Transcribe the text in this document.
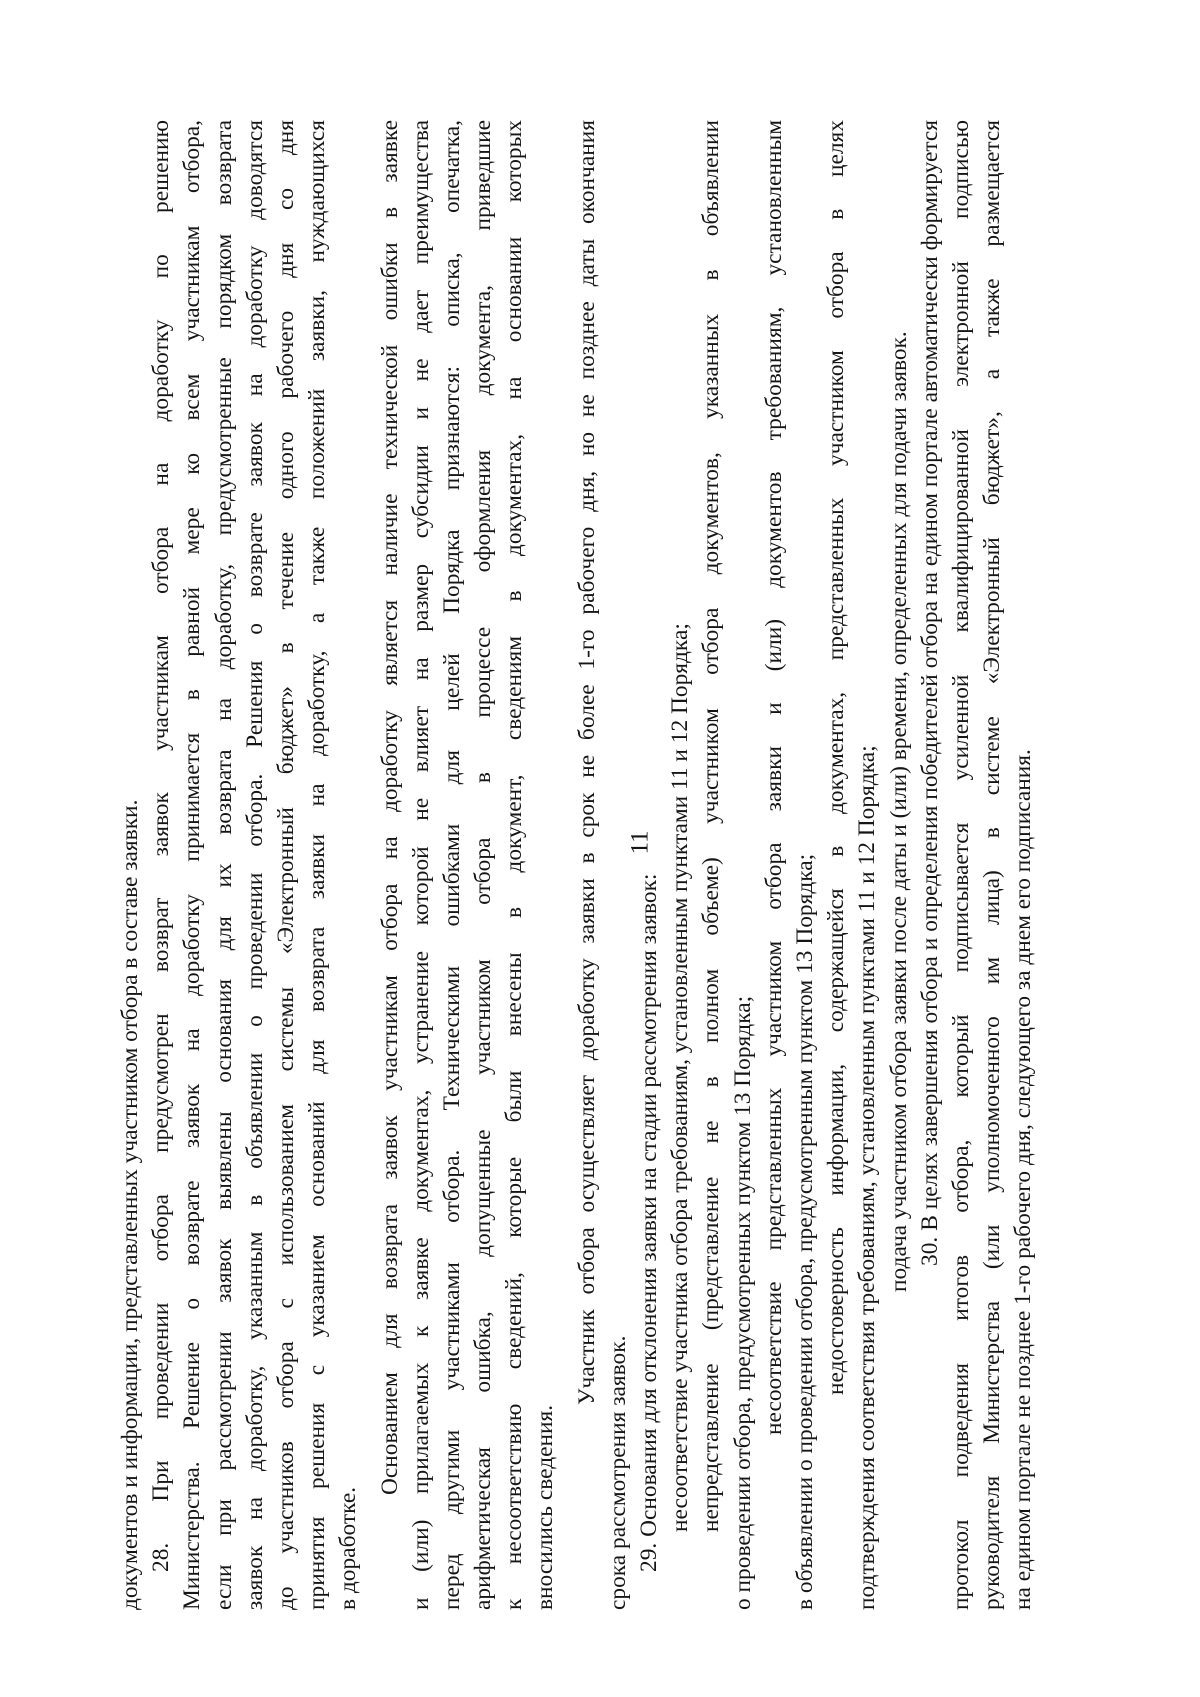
11
документов и информации, представленных участником отбора в составе заявки. 28. При проведении отбора предусмотрен возврат заявок участникам отбора на доработку по решению Министерства. Решение о возврате заявок на доработку принимается в равной мере ко всем участникам отбора, если при рассмотрении заявок выявлены основания для их возврата на доработку, предусмотренные порядком возврата заявок на доработку, указанным в объявлении о проведении отбора. Решения о возврате заявок на доработку доводятся до участников отбора с использованием системы «Электронный бюджет» в течение одного рабочего дня со дня принятия решения с указанием оснований для возврата заявки на доработку, а также положений заявки, нуждающихся в доработке.
Основанием для возврата заявок участникам отбора на доработку является наличие технической ошибки в заявке и (или) прилагаемых к заявке документах, устранение которой не влияет на размер субсидии и не дает преимущества перед другими участниками отбора. Техническими ошибками для целей Порядка признаются: описка, опечатка, арифметическая ошибка, допущенные участником отбора в процессе оформления документа, приведшие к несоответствию сведений, которые были внесены в документ, сведениям в документах, на основании которых вносились сведения.
Участник отбора осуществляет доработку заявки в срок не более 1-го рабочего дня, но не позднее даты окончания
срока рассмотрения заявок. 29. Основания для отклонения заявки на стадии рассмотрения заявок: несоответствие участника отбора требованиям, установленным пунктами 11 и 12 Порядка; непредставление (представление не в полном объеме) участником отбора документов, указанных в объявлении о проведении отбора, предусмотренных пунктом 13 Порядка; несоответствие представленных участником отбора заявки и (или) документов требованиям, установленным в объявлении о проведении отбора, предусмотренным пунктом 13 Порядка; недостоверность информации, содержащейся в документах, представленных участником отбора в целях подтверждения соответствия требованиям, установленным пунктами 11 и 12 Порядка; подача участником отбора заявки после даты и (или) времени, определенных для подачи заявок. 30. В целях завершения отбора и определения победителей отбора на едином портале автоматически формируется протокол подведения итогов отбора, который подписывается усиленной квалифицированной электронной подписью руководителя Министерства (или уполномоченного им лица) в системе «Электронный бюджет», а также размещается на едином портале не позднее 1-го рабочего дня, следующего за днем его подписания.
